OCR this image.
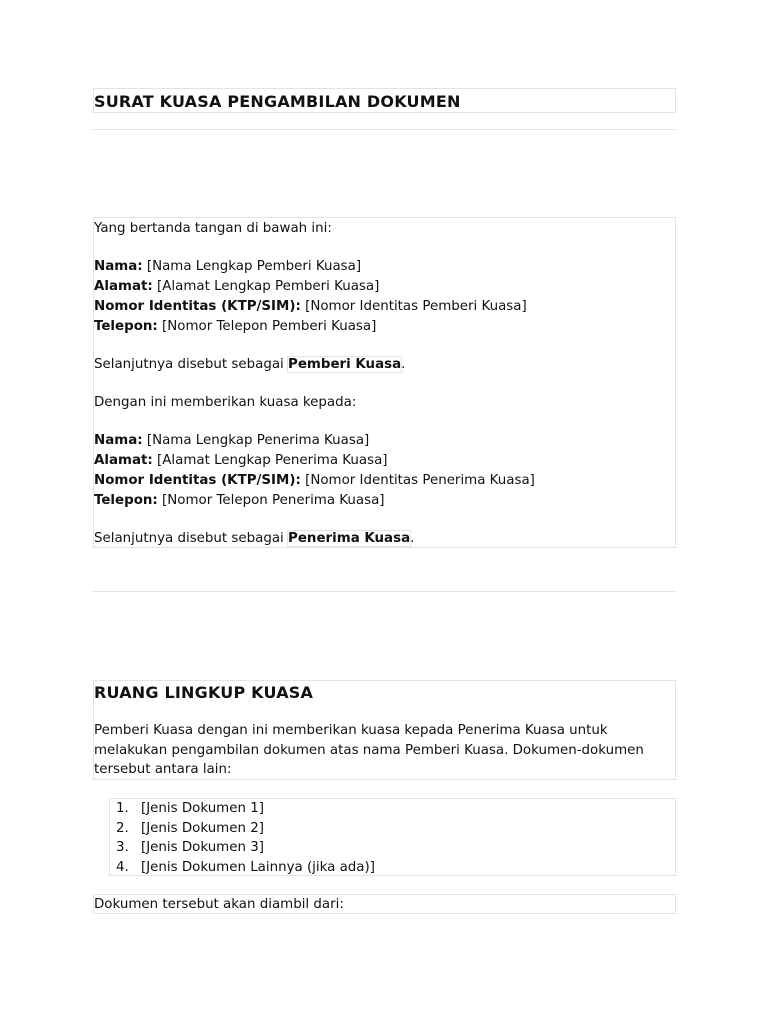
SURAT KUASA PENGAMBILAN DOKUMEN
Yang bertanda tangan di bawah ini:
Nama: [Nama Lengkap Pemberi Kuasa]
Alamat: [Alamat Lengkap Pemberi Kuasa]
Nomor Identitas (KTP/SIM): [Nomor Identitas Pemberi Kuasa]
Telepon: [Nomor Telepon Pemberi Kuasa]
Selanjutnya disebut sebagai Pemberi Kuasa.
Dengan ini memberikan kuasa kepada:
Nama: [Nama Lengkap Penerima Kuasa]
Alamat: [Alamat Lengkap Penerima Kuasa]
Nomor Identitas (KTP/SIM): [Nomor Identitas Penerima Kuasa]
Telepon: [Nomor Telepon Penerima Kuasa]
Selanjutnya disebut sebagai Penerima Kuasa.
RUANG LINGKUP KUASA
Pemberi Kuasa dengan ini memberikan kuasa kepada Penerima Kuasa untuk
melakukan pengambilan dokumen atas nama Pemberi Kuasa. Dokumen-dokumen
tersebut antara lain:
1. [Jenis Dokumen 1]
2. [Jenis Dokumen 2]
3. [Jenis Dokumen 3]
4. [Jenis Dokumen Lainnya (jika ada)]
Dokumen tersebut akan diambil dari:
